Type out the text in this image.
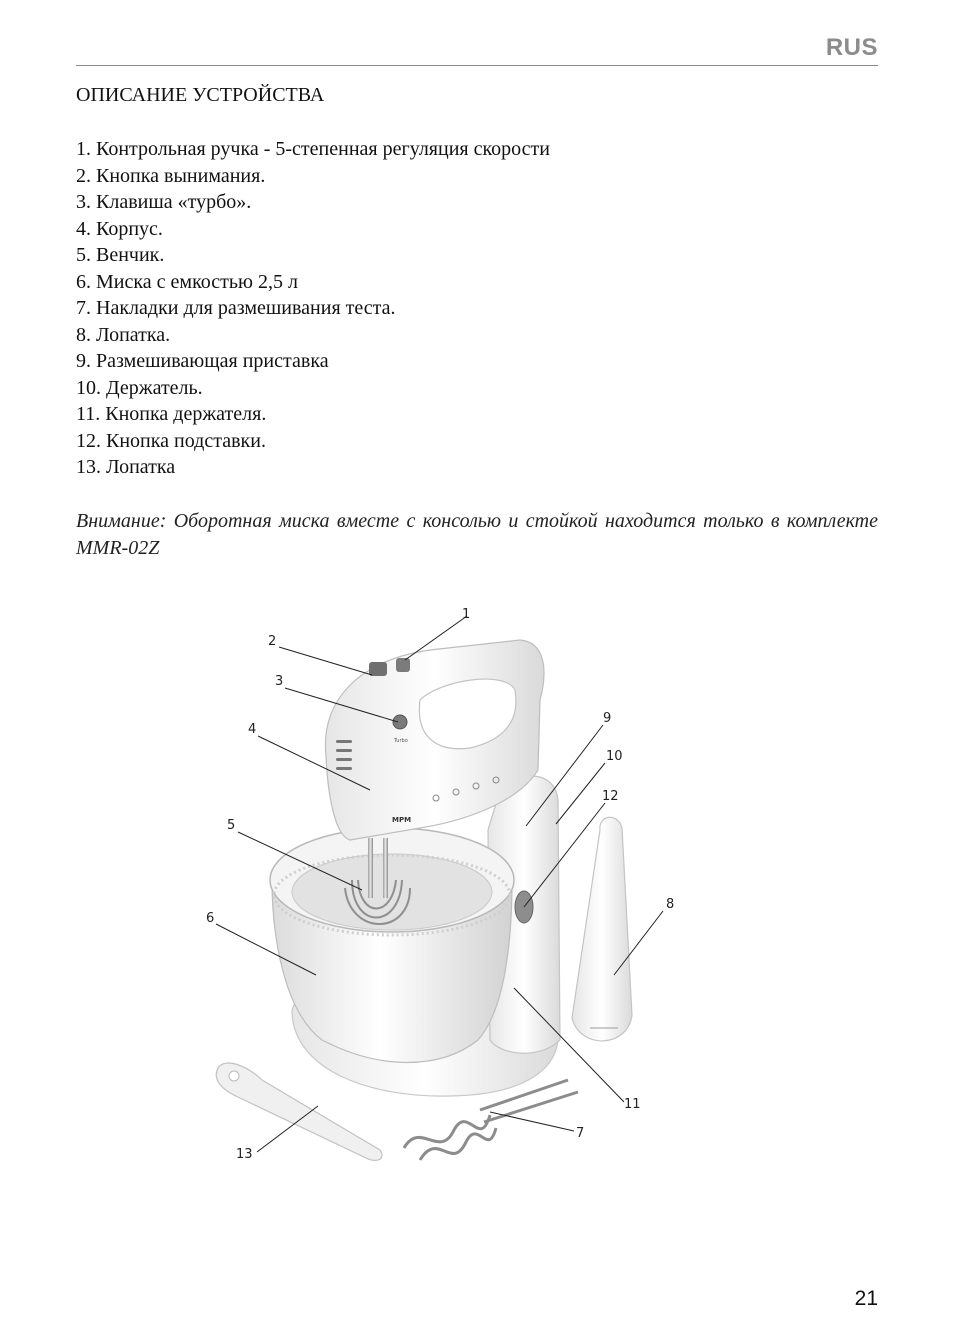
RUS
ОПИСАНИЕ УСТРОЙСТВА
1. Контрольная ручка - 5-степенная регуляция скорости
2. Кнопка вынимания.
3. Клавиша «турбо».
4. Корпус.
5. Венчик.
6. Миска с емкостью 2,5 л
7. Накладки для размешивания теста.
8. Лопатка.
9. Размешивающая приставка
10. Держатель.
11. Кнопка держателя.
12. Кнопка подставки.
13. Лопатка

Внимание: Оборотная миска вместе с консолью и стойкой находится только в комплекте MMR-02Z

Turbo
MPM
1
2
3
4
5
6
7
8
9
10
12
11
13
21
